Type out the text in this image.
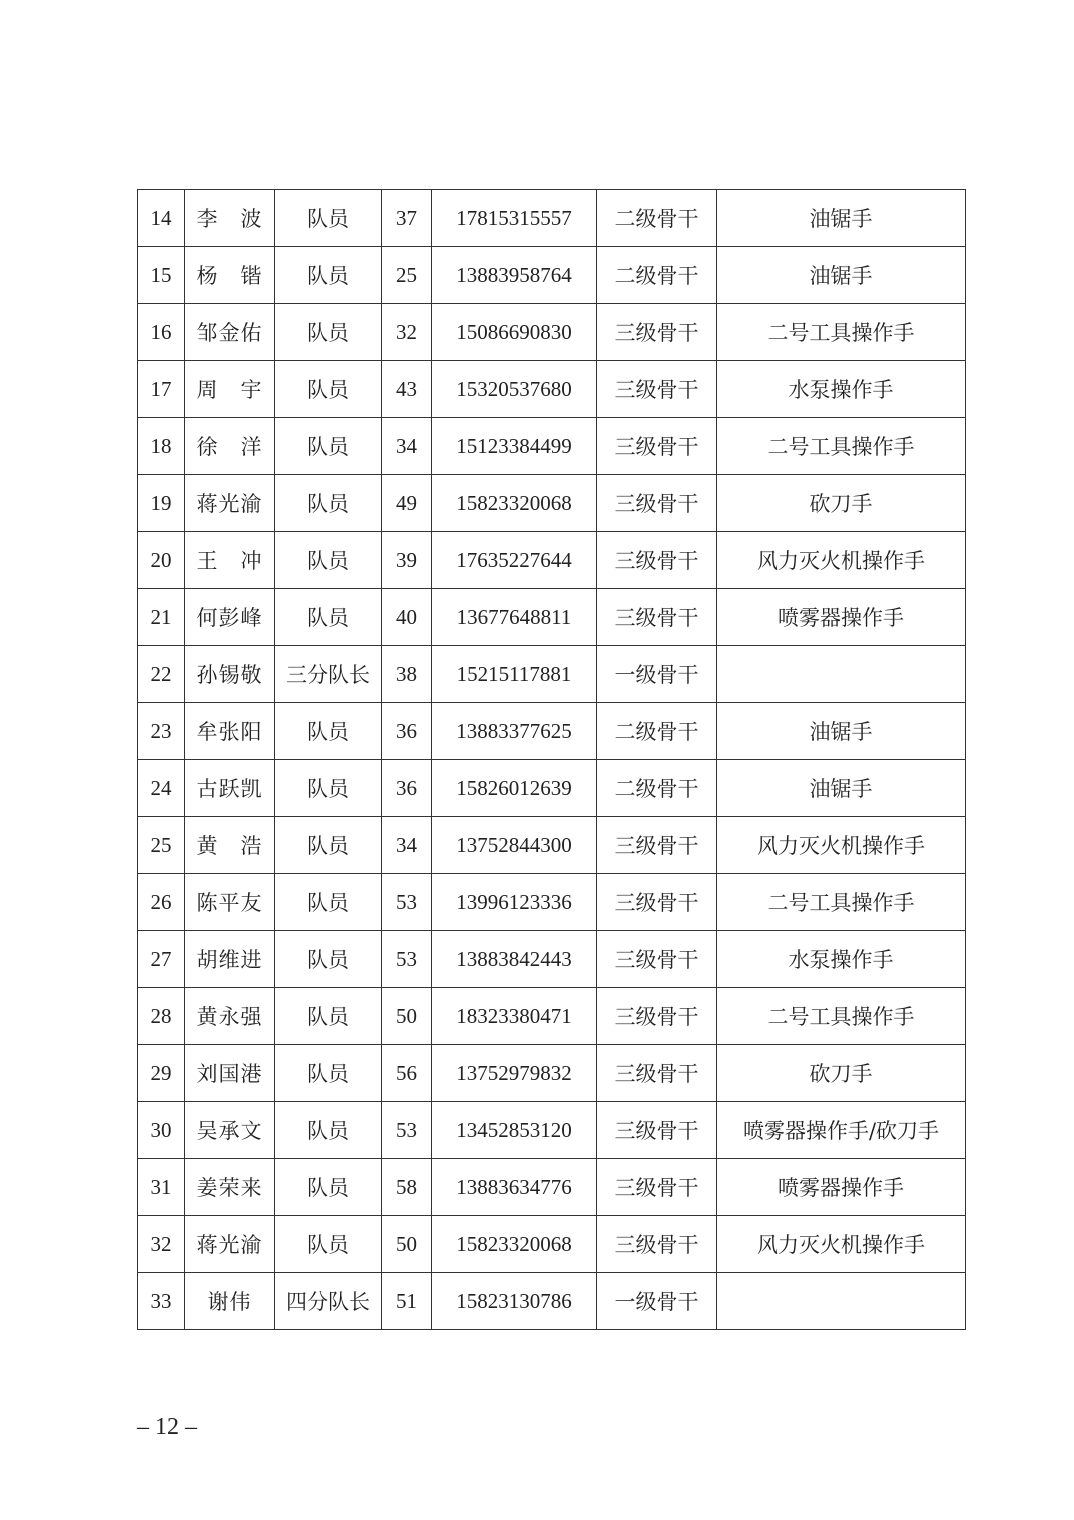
14	李　波	队员	37	17815315557	二级骨干	油锯手
15	杨　锴	队员	25	13883958764	二级骨干	油锯手
16	邹金佑	队员	32	15086690830	三级骨干	二号工具操作手
17	周　宇	队员	43	15320537680	三级骨干	水泵操作手
18	徐　洋	队员	34	15123384499	三级骨干	二号工具操作手
19	蒋光渝	队员	49	15823320068	三级骨干	砍刀手
20	王　冲	队员	39	17635227644	三级骨干	风力灭火机操作手
21	何彭峰	队员	40	13677648811	三级骨干	喷雾器操作手
22	孙锡敬	三分队长	38	15215117881	一级骨干	
23	牟张阳	队员	36	13883377625	二级骨干	油锯手
24	古跃凯	队员	36	15826012639	二级骨干	油锯手
25	黄　浩	队员	34	13752844300	三级骨干	风力灭火机操作手
26	陈平友	队员	53	13996123336	三级骨干	二号工具操作手
27	胡维进	队员	53	13883842443	三级骨干	水泵操作手
28	黄永强	队员	50	18323380471	三级骨干	二号工具操作手
29	刘国港	队员	56	13752979832	三级骨干	砍刀手
30	吴承文	队员	53	13452853120	三级骨干	喷雾器操作手/砍刀手
31	姜荣来	队员	58	13883634776	三级骨干	喷雾器操作手
32	蒋光渝	队员	50	15823320068	三级骨干	风力灭火机操作手
33	谢伟	四分队长	51	15823130786	一级骨干	
– 12 –
